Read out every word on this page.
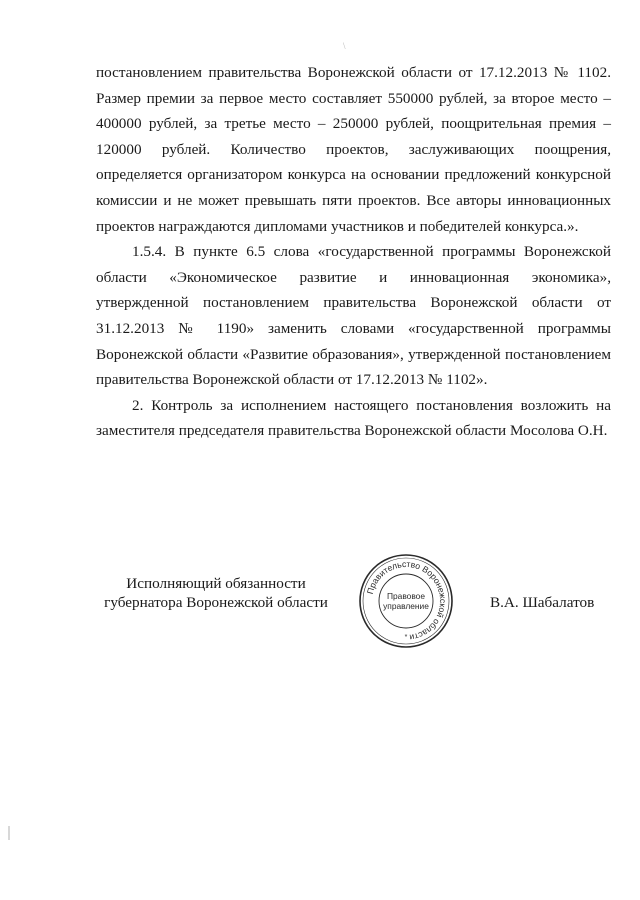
\

постановлением правительства Воронежской области от 17.12.2013 № 1102. Размер премии за первое место составляет 550000 рублей, за второе место – 400000 рублей, за третье место – 250000 рублей, поощрительная премия – 120000 рублей. Количество проектов, заслуживающих поощрения, определяется организатором конкурса на основании предложений конкурсной комиссии и не может превышать пяти проектов. Все авторы инновационных проектов награждаются дипломами участников и победителей конкурса.».

1.5.4. В пункте 6.5 слова «государственной программы Воронежской области «Экономическое развитие и инновационная экономика», утвержденной постановлением правительства Воронежской области от 31.12.2013 № 1190» заменить словами «государственной программы Воронежской области «Развитие образования», утвержденной постановлением правительства Воронежской области от 17.12.2013 № 1102».

2. Контроль за исполнением настоящего постановления возложить на заместителя председателя правительства Воронежской области Мосолова О.Н.

Исполняющий обязанности
губернатора Воронежской области	В.А. Шабалатов
Правительство Воронежской области
Правовое
управление
*
